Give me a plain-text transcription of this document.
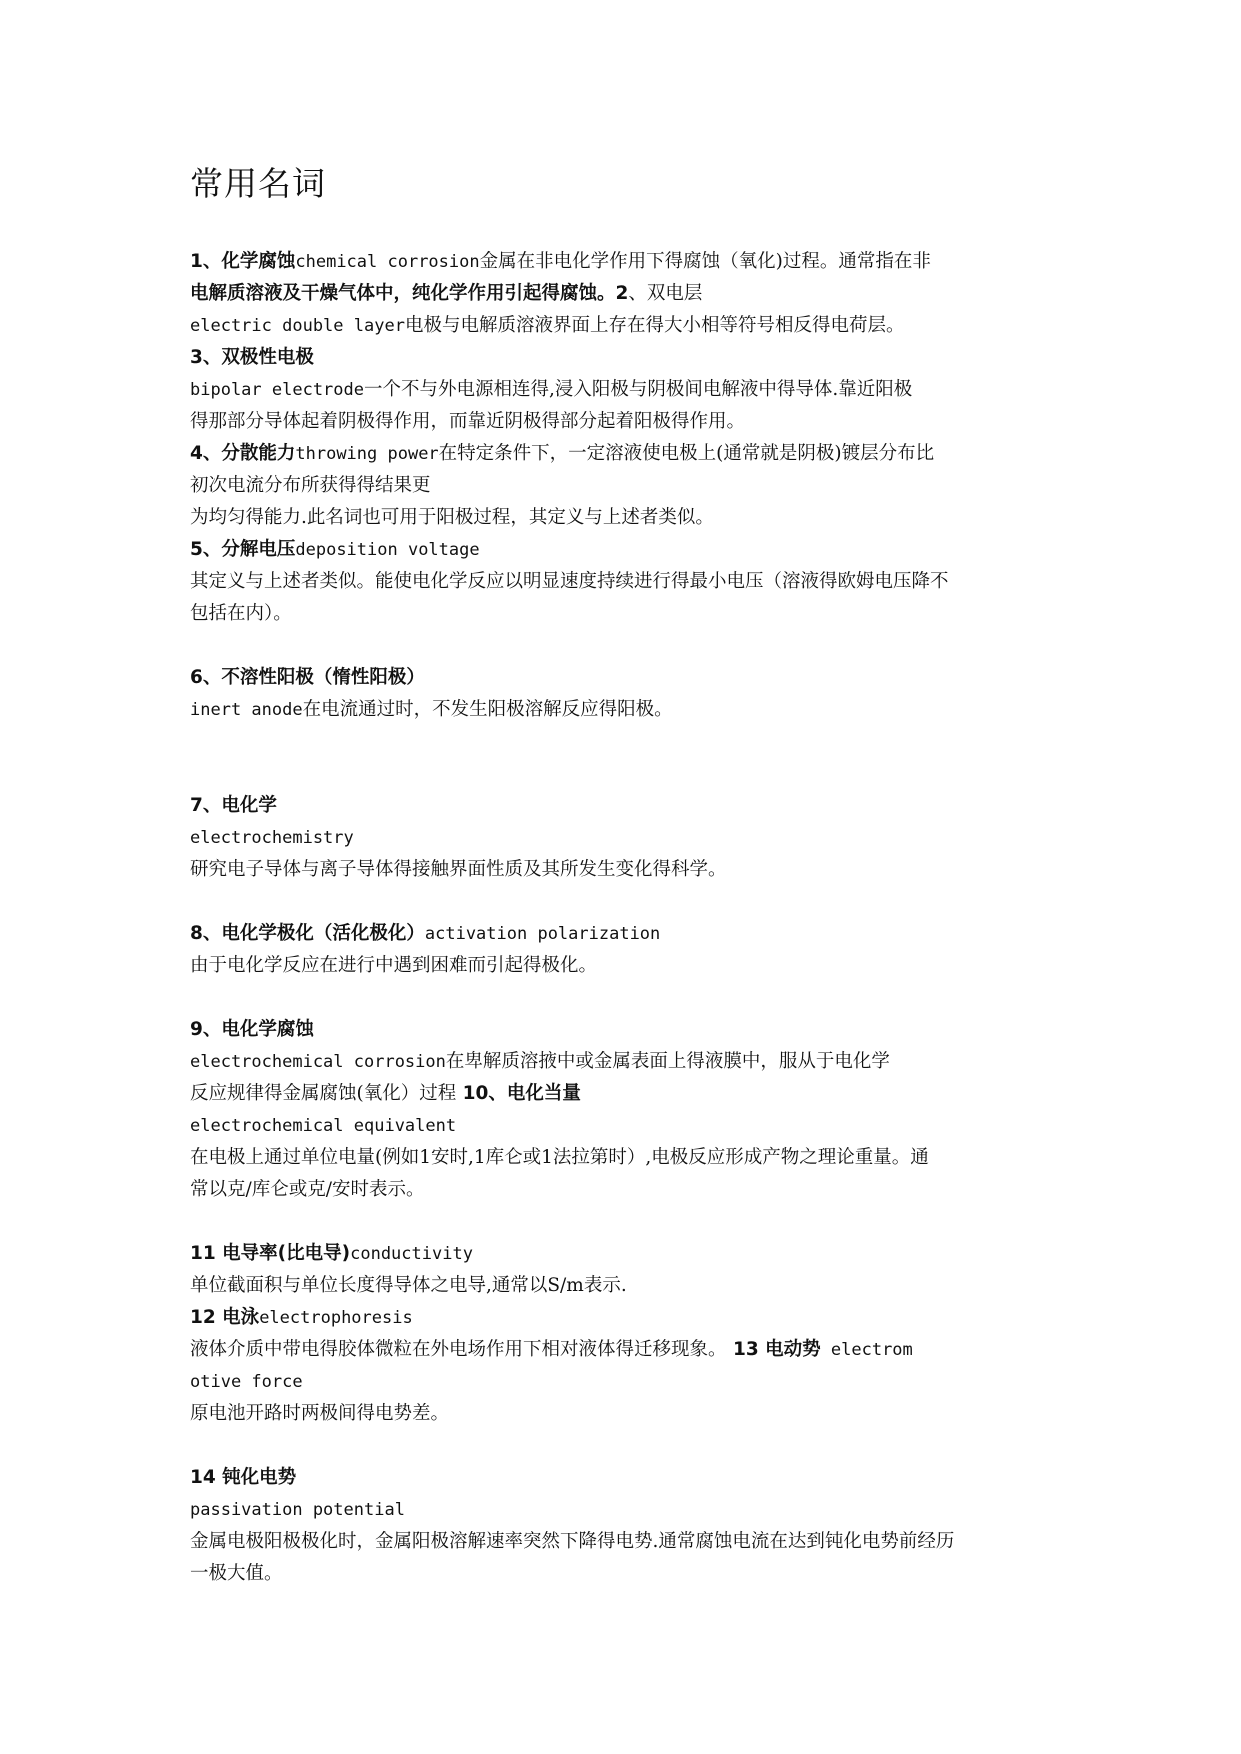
常用名词
1、化学腐蚀chemical corrosion金属在非电化学作用下得腐蚀（氧化)过程。通常指在非
电解质溶液及干燥气体中，纯化学作用引起得腐蚀。2、双电层
electric double layer电极与电解质溶液界面上存在得大小相等符号相反得电荷层。
3、双极性电极
bipolar electrode一个不与外电源相连得,浸入阳极与阴极间电解液中得导体.靠近阳极
得那部分导体起着阴极得作用，而靠近阴极得部分起着阳极得作用。
4、分散能力throwing power在特定条件下，一定溶液使电极上(通常就是阴极)镀层分布比
初次电流分布所获得得结果更
为均匀得能力.此名词也可用于阳极过程，其定义与上述者类似。
5、分解电压deposition voltage
其定义与上述者类似。能使电化学反应以明显速度持续进行得最小电压（溶液得欧姆电压降不
包括在内）。
6、不溶性阳极（惰性阳极）
inert anode在电流通过时，不发生阳极溶解反应得阳极。
7、电化学
electrochemistry
研究电子导体与离子导体得接触界面性质及其所发生变化得科学。
8、电化学极化（活化极化）activation polarization
由于电化学反应在进行中遇到困难而引起得极化。
9、电化学腐蚀
electrochemical corrosion在卑解质溶掖中或金属表面上得液膜中，服从于电化学
反应规律得金属腐蚀(氧化）过程 10、电化当量
electrochemical equivalent
在电极上通过单位电量(例如1安时,1库仑或1法拉第时）,电极反应形成产物之理论重量。通
常以克/库仑或克/安时表示。
11 电导率(比电导)conductivity
单位截面积与单位长度得导体之电导,通常以S/m表示.
12 电泳electrophoresis
液体介质中带电得胶体微粒在外电场作用下相对液体得迁移现象。 13 电动势 electrom
otive force
原电池开路时两极间得电势差。
14 钝化电势
passivation potential
金属电极阳极极化时，金属阳极溶解速率突然下降得电势.通常腐蚀电流在达到钝化电势前经历
一极大值。
